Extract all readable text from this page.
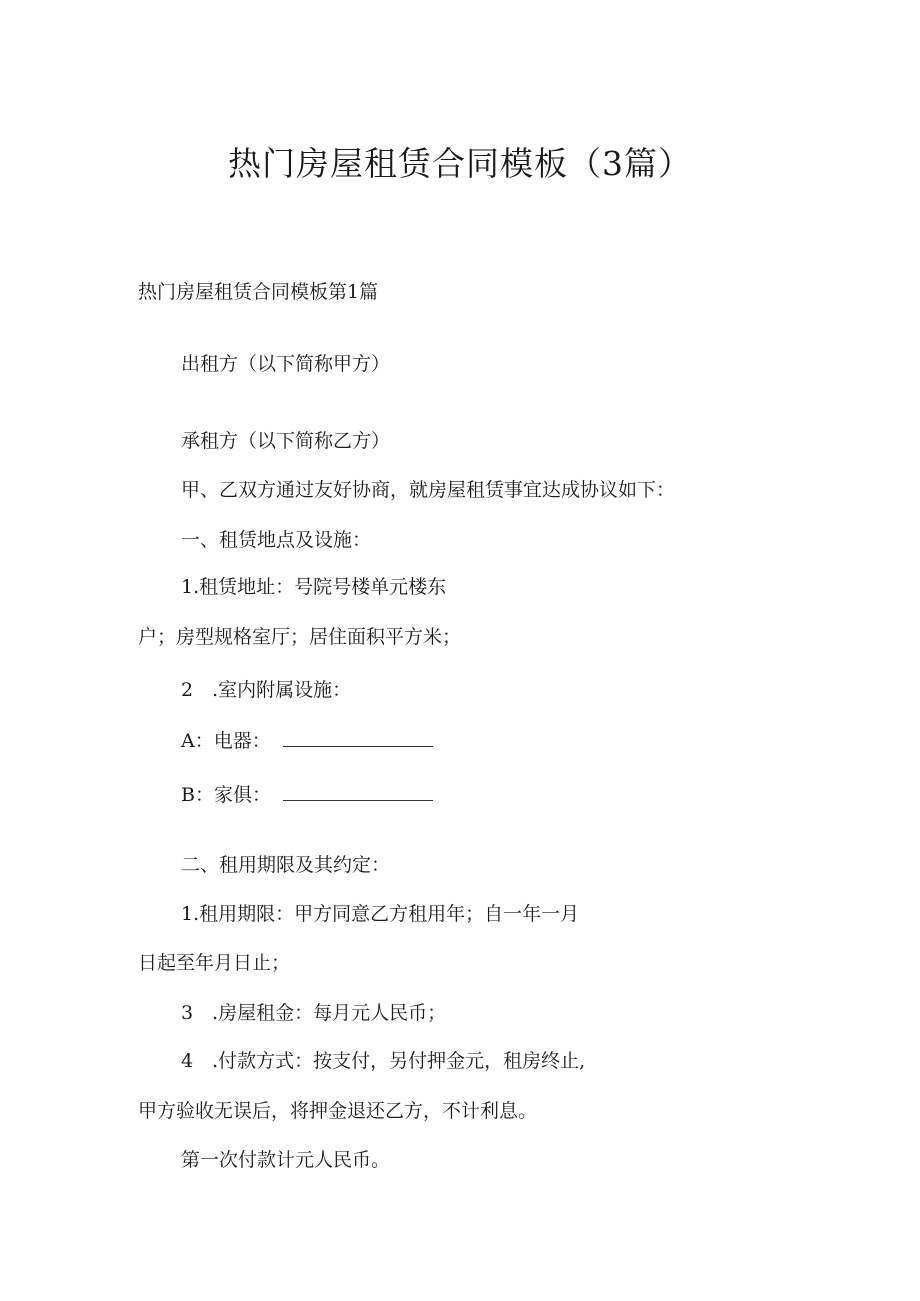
热门房屋租赁合同模板（3篇）

热门房屋租赁合同模板第1篇

出租方（以下简称甲方）

承租方（以下简称乙方）

甲、乙双方通过友好协商，就房屋租赁事宜达成协议如下：

一、租赁地点及设施：

1.租赁地址：号院号楼单元楼东

户；房型规格室厅；居住面积平方米；

2　.室内附属设施：

A：电器：

B：家俱：

二、租用期限及其约定：

1.租用期限：甲方同意乙方租用年；自一年一月

日起至年月日止；

3　.房屋租金：每月元人民币；

4　.付款方式：按支付，另付押金元，租房终止,

甲方验收无误后，将押金退还乙方，不计利息。

第一次付款计元人民币。
